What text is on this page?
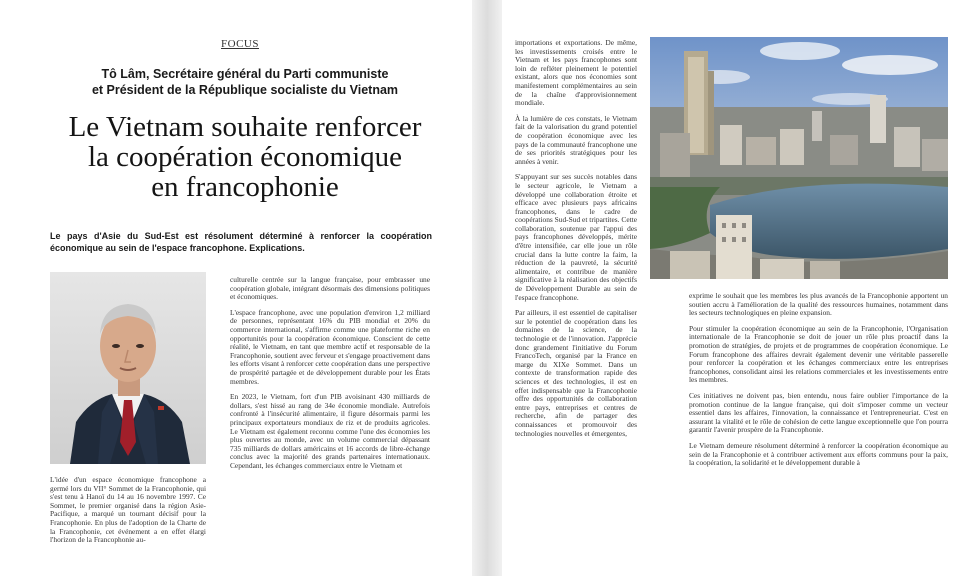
FOCUS
Tô Lâm, Secrétaire général du Parti communiste
et Président de la République socialiste du Vietnam
Le Vietnam souhaite renforcer
la coopération économique
en francophonie
Le pays d'Asie du Sud-Est est résolument déterminé à renforcer la coopération économique au sein de l'espace francophone. Explications.

L'idée d'un espace économique francophone a germé lors du VII° Sommet de la Francophonie, qui s'est tenu à Hanoï du 14 au 16 novembre 1997. Ce Sommet, le premier organisé dans la région Asie-Pacifique, a marqué un tournant décisif pour la Francophonie. En plus de l'adoption de la Charte de la Francophonie, cet événement a en effet élargi l'horizon de la Francophonie au-

culturelle centrée sur la langue française, pour embrasser une coopération globale, intégrant désormais des dimensions politiques et économiques.

L'espace francophone, avec une population d'environ 1,2 milliard de personnes, représentant 16% du PIB mondial et 20% du commerce international, s'affirme comme une plateforme riche en opportunités pour la coopération économique. Conscient de cette réalité, le Vietnam, en tant que membre actif et responsable de la Francophonie, soutient avec ferveur et s'engage proactivement dans les efforts visant à renforcer cette coopération dans une perspective de prospérité partagée et de développement durable pour les États membres.

En 2023, le Vietnam, fort d'un PIB avoisinant 430 milliards de dollars, s'est hissé au rang de 34e économie mondiale. Autrefois confronté à l'insécurité alimentaire, il figure désormais parmi les principaux exportateurs mondiaux de riz et de produits agricoles. Le Vietnam est également reconnu comme l'une des économies les plus ouvertes au monde, avec un volume commercial dépassant 735 milliards de dollars américains et 16 accords de libre-échange conclus avec la majorité des grands partenaires internationaux. Cependant, les échanges commerciaux entre le Vietnam et

importations et exportations. De même, les investissements croisés entre le Vietnam et les pays francophones sont loin de refléter pleinement le potentiel existant, alors que nos économies sont manifestement complémentaires au sein de la chaîne d'approvisionnement mondiale.

À la lumière de ces constats, le Vietnam fait de la valorisation du grand potentiel de coopération économique avec les pays de la communauté francophone une de ses priorités stratégiques pour les années à venir.

S'appuyant sur ses succès notables dans le secteur agricole, le Vietnam a développé une collaboration étroite et efficace avec plusieurs pays africains francophones, dans le cadre de coopérations Sud-Sud et tripartites. Cette collaboration, soutenue par l'appui des pays francophones développés, mérite d'être intensifiée, car elle joue un rôle crucial dans la lutte contre la faim, la réduction de la pauvreté, la sécurité alimentaire, et contribue de manière significative à la réalisation des objectifs de Développement Durable au sein de l'espace francophone.

Par ailleurs, il est essentiel de capitaliser sur le potentiel de coopération dans les domaines de la science, de la technologie et de l'innovation. J'apprécie donc grandement l'initiative du Forum FrancoTech, organisé par la France en marge du XIXe Sommet. Dans un contexte de transformation rapide des sciences et des technologies, il est en effet indispensable que la Francophonie offre des opportunités de collaboration entre pays, entreprises et centres de recherche, afin de partager des connaissances et promouvoir des technologies nouvelles et émergentes,

exprime le souhait que les membres les plus avancés de la Francophonie apportent un soutien accru à l'amélioration de la qualité des ressources humaines, notamment dans les secteurs technologiques en pleine expansion.

Pour stimuler la coopération économique au sein de la Francophonie, l'Organisation internationale de la Francophonie se doit de jouer un rôle plus proactif dans la promotion de stratégies, de projets et de programmes de coopération économique. Le Forum francophone des affaires devrait également devenir une véritable passerelle pour renforcer la coopération et les échanges commerciaux entre les entreprises francophones, consolidant ainsi les relations commerciales et les investissements entre les membres.

Ces initiatives ne doivent pas, bien entendu, nous faire oublier l'importance de la promotion continue de la langue française, qui doit s'imposer comme un vecteur essentiel dans les affaires, l'innovation, la connaissance et l'entrepreneuriat. C'est en assurant la vitalité et le rôle de cohésion de cette langue exceptionnelle que l'on pourra garantir l'avenir prospère de la Francophonie.

Le Vietnam demeure résolument déterminé à renforcer la coopération économique au sein de la Francophonie et à contribuer activement aux efforts communs pour la paix, la coopération, la solidarité et le développement durable à
